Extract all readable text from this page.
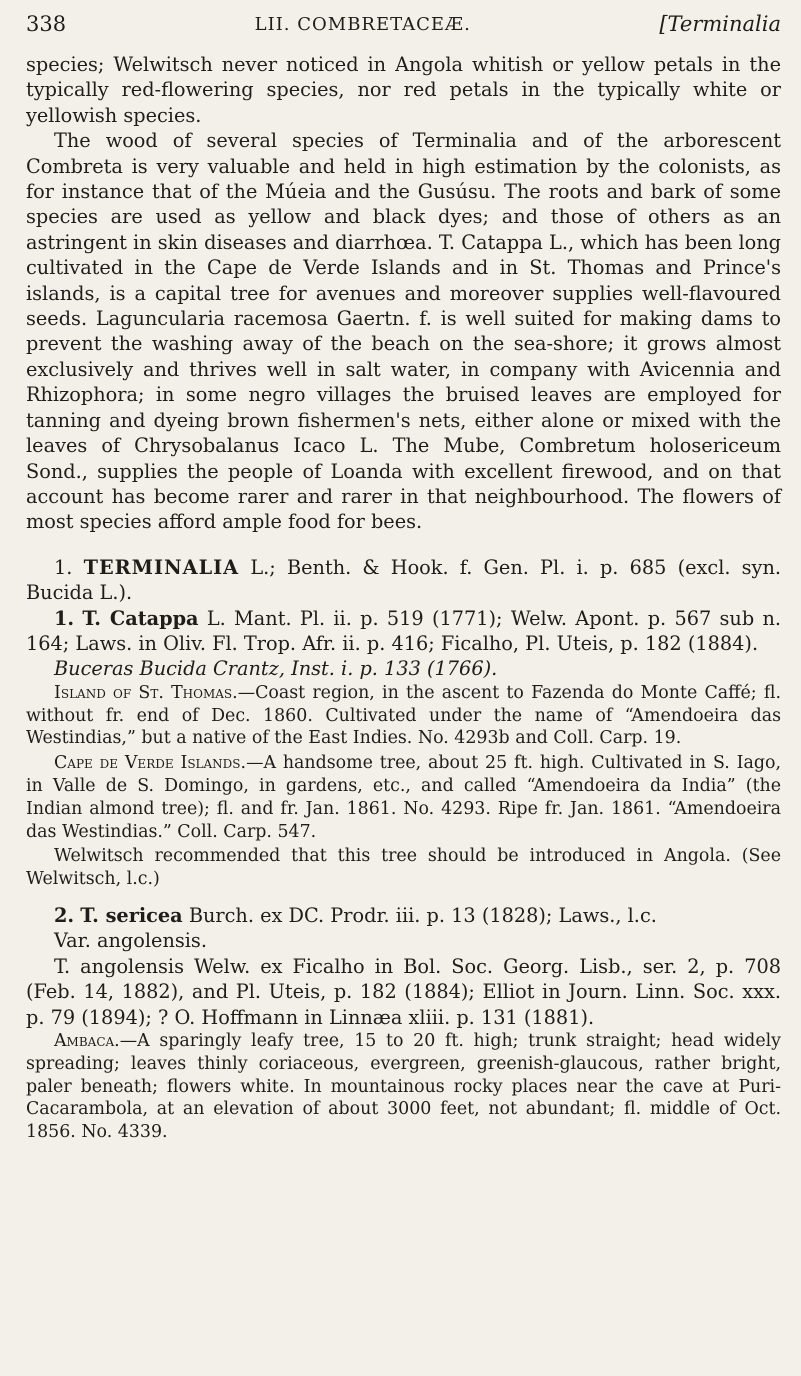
338	LII. COMBRETACEÆ.	[Terminalia

species; Welwitsch never noticed in Angola whitish or yellow petals in the typically red-flowering species, nor red petals in the typically white or yellowish species.

The wood of several species of Terminalia and of the arborescent Combreta is very valuable and held in high estimation by the colonists, as for instance that of the Múeia and the Gusúsu. The roots and bark of some species are used as yellow and black dyes; and those of others as an astringent in skin diseases and diarrhœa. T. Catappa L., which has been long cultivated in the Cape de Verde Islands and in St. Thomas and Prince's islands, is a capital tree for avenues and moreover supplies well-flavoured seeds. Laguncularia racemosa Gaertn. f. is well suited for making dams to prevent the washing away of the beach on the sea-shore; it grows almost exclusively and thrives well in salt water, in company with Avicennia and Rhizophora; in some negro villages the bruised leaves are employed for tanning and dyeing brown fishermen's nets, either alone or mixed with the leaves of Chrysobalanus Icaco L. The Mube, Combretum holosericeum Sond., supplies the people of Loanda with excellent firewood, and on that account has become rarer and rarer in that neighbourhood. The flowers of most species afford ample food for bees.

1. TERMINALIA L.; Benth. & Hook. f. Gen. Pl. i. p. 685 (excl. syn. Bucida L.).

1. T. Catappa L. Mant. Pl. ii. p. 519 (1771); Welw. Apont. p. 567 sub n. 164; Laws. in Oliv. Fl. Trop. Afr. ii. p. 416; Ficalho, Pl. Uteis, p. 182 (1884).

Buceras Bucida Crantz, Inst. i. p. 133 (1766).

Island of St. Thomas.—Coast region, in the ascent to Fazenda do Monte Caffé; fl. without fr. end of Dec. 1860. Cultivated under the name of “Amendoeira das Westindias,” but a native of the East Indies. No. 4293b and Coll. Carp. 19.

Cape de Verde Islands.—A handsome tree, about 25 ft. high. Cultivated in S. Iago, in Valle de S. Domingo, in gardens, etc., and called “Amendoeira da India” (the Indian almond tree); fl. and fr. Jan. 1861. No. 4293. Ripe fr. Jan. 1861. “Amendoeira das Westindias.” Coll. Carp. 547.

Welwitsch recommended that this tree should be introduced in Angola. (See Welwitsch, l.c.)

2. T. sericea Burch. ex DC. Prodr. iii. p. 13 (1828); Laws., l.c.

Var. angolensis.

T. angolensis Welw. ex Ficalho in Bol. Soc. Georg. Lisb., ser. 2, p. 708 (Feb. 14, 1882), and Pl. Uteis, p. 182 (1884); Elliot in Journ. Linn. Soc. xxx. p. 79 (1894); ? O. Hoffmann in Linnæa xliii. p. 131 (1881).

Ambaca.—A sparingly leafy tree, 15 to 20 ft. high; trunk straight; head widely spreading; leaves thinly coriaceous, evergreen, greenish-glaucous, rather bright, paler beneath; flowers white. In mountainous rocky places near the cave at Puri-Cacarambola, at an elevation of about 3000 feet, not abundant; fl. middle of Oct. 1856. No. 4339.
